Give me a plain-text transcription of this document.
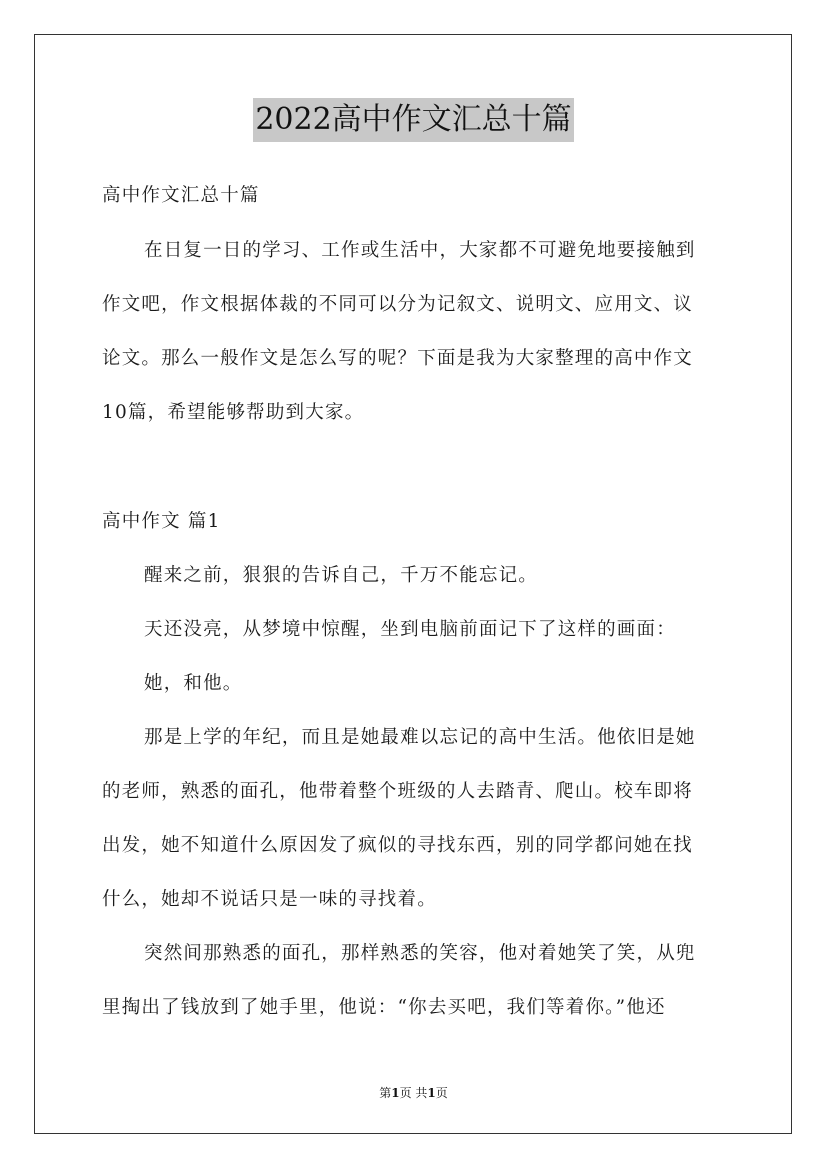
2022高中作文汇总十篇
高中作文汇总十篇
在日复一日的学习、工作或生活中，大家都不可避免地要接触到
作文吧，作文根据体裁的不同可以分为记叙文、说明文、应用文、议
论文。那么一般作文是怎么写的呢？下面是我为大家整理的高中作文
10篇，希望能够帮助到大家。
高中作文 篇1
醒来之前，狠狠的告诉自己，千万不能忘记。
天还没亮，从梦境中惊醒，坐到电脑前面记下了这样的画面：
她，和他。
那是上学的年纪，而且是她最难以忘记的高中生活。他依旧是她
的老师，熟悉的面孔，他带着整个班级的人去踏青、爬山。校车即将
出发，她不知道什么原因发了疯似的寻找东西，别的同学都问她在找
什么，她却不说话只是一味的寻找着。
突然间那熟悉的面孔，那样熟悉的笑容，他对着她笑了笑，从兜
里掏出了钱放到了她手里，他说：“你去买吧，我们等着你。”他还
第1页 共1页
